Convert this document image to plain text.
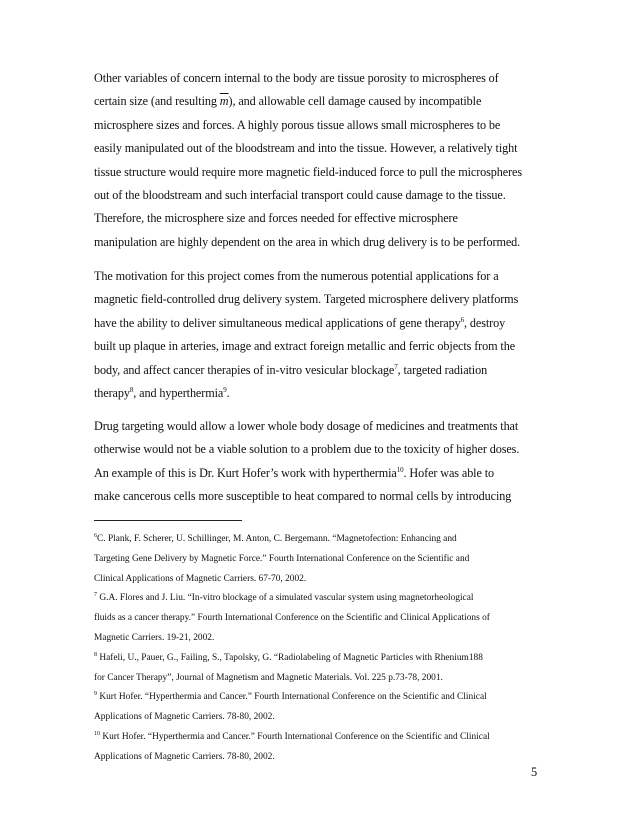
Other variables of concern internal to the body are tissue porosity to microspheres of
certain size (and resulting $\overline{m}$), and allowable cell damage caused by incompatible
microsphere sizes and forces. A highly porous tissue allows small microspheres to be
easily manipulated out of the bloodstream and into the tissue. However, a relatively tight
tissue structure would require more magnetic field-induced force to pull the microspheres
out of the bloodstream and such interfacial transport could cause damage to the tissue.
Therefore, the microsphere size and forces needed for effective microsphere
manipulation are highly dependent on the area in which drug delivery is to be performed.
The motivation for this project comes from the numerous potential applications for a
magnetic field-controlled drug delivery system. Targeted microsphere delivery platforms
have the ability to deliver simultaneous medical applications of gene therapy$^6$, destroy
built up plaque in arteries, image and extract foreign metallic and ferric objects from the
body, and affect cancer therapies of in-vitro vesicular blockage$^7$, targeted radiation
therapy$^8$, and hyperthermia$^9$.
Drug targeting would allow a lower whole body dosage of medicines and treatments that
otherwise would not be a viable solution to a problem due to the toxicity of higher doses.
An example of this is Dr. Kurt Hofer’s work with hyperthermia$^{10}$. Hofer was able to
make cancerous cells more susceptible to heat compared to normal cells by introducing
$^6$C. Plank, F. Scherer, U. Schillinger, M. Anton, C. Bergemann. “Magnetofection: Enhancing and
Targeting Gene Delivery by Magnetic Force.” Fourth International Conference on the Scientific and
Clinical Applications of Magnetic Carriers. 67-70, 2002.
$^7$ G.A. Flores and J. Liu. “In-vitro blockage of a simulated vascular system using magnetorheological
fluids as a cancer therapy.” Fourth International Conference on the Scientific and Clinical Applications of
Magnetic Carriers. 19-21, 2002.
$^8$ Hafeli, U., Pauer, G., Failing, S., Tapolsky, G. “Radiolabeling of Magnetic Particles with Rhenium188
for Cancer Therapy”, Journal of Magnetism and Magnetic Materials. Vol. 225 p.73-78, 2001.
$^9$ Kurt Hofer. “Hyperthermia and Cancer.” Fourth International Conference on the Scientific and Clinical
Applications of Magnetic Carriers. 78-80, 2002.
$^{10}$ Kurt Hofer. “Hyperthermia and Cancer.” Fourth International Conference on the Scientific and Clinical
Applications of Magnetic Carriers. 78-80, 2002.
5
